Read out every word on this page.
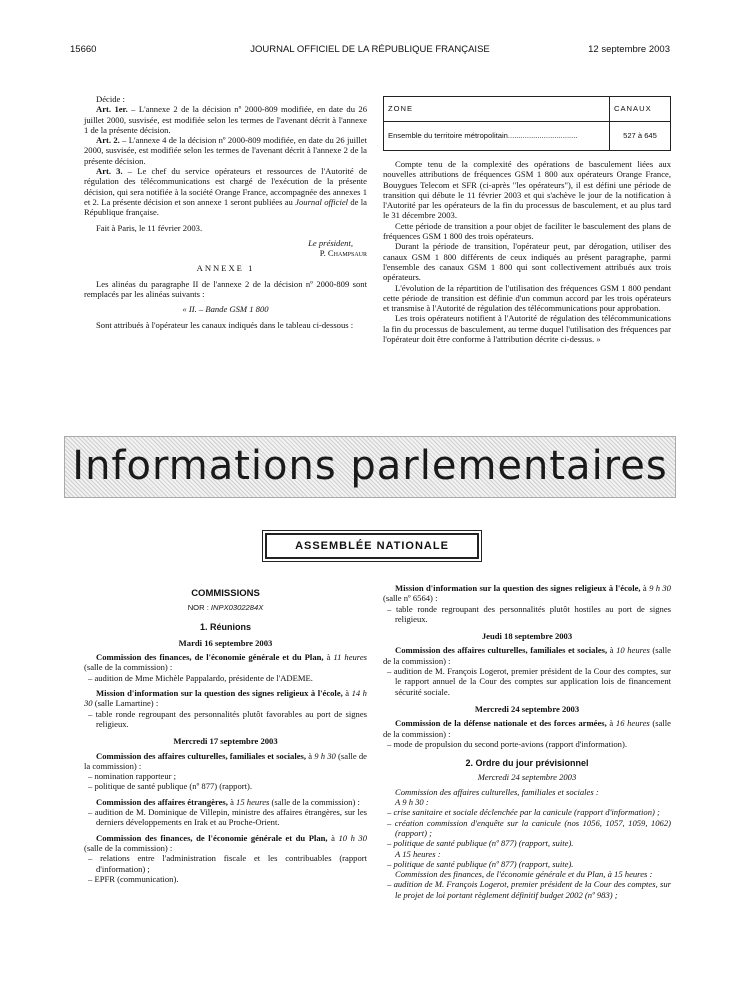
15660	JOURNAL OFFICIEL DE LA RÉPUBLIQUE FRANÇAISE	12 septembre 2003

Décide :

Art. 1er. – L'annexe 2 de la décision nº 2000-809 modifiée, en date du 26 juillet 2000, susvisée, est modifiée selon les termes de l'avenant décrit à l'annexe 1 de la présente décision.

Art. 2. – L'annexe 4 de la décision nº 2000-809 modifiée, en date du 26 juillet 2000, susvisée, est modifiée selon les termes de l'avenant décrit à l'annexe 2 de la présente décision.

Art. 3. – Le chef du service opérateurs et ressources de l'Autorité de régulation des télécommunications est chargé de l'exécution de la présente décision, qui sera notifiée à la société Orange France, accompagnée des annexes 1 et 2. La présente décision et son annexe 1 seront publiées au Journal officiel de la République française.

Fait à Paris, le 11 février 2003.

Le président,

P. Champsaur

ANNEXE 1

Les alinéas du paragraphe II de l'annexe 2 de la décision nº 2000-809 sont remplacés par les alinéas suivants :

« II. – Bande GSM 1 800

Sont attribués à l'opérateur les canaux indiqués dans le tableau ci-dessous :

ZONE	CANAUX
Ensemble du territoire métropolitain.................................	527 à 645

Compte tenu de la complexité des opérations de basculement liées aux nouvelles attributions de fréquences GSM 1 800 aux opérateurs Orange France, Bouygues Telecom et SFR (ci-après "les opérateurs"), il est défini une période de transition qui débute le 11 février 2003 et qui s'achève le jour de la notification à l'Autorité par les opérateurs de la fin du processus de basculement, et au plus tard le 31 décembre 2003.

Cette période de transition a pour objet de faciliter le basculement des plans de fréquences GSM 1 800 des trois opérateurs.

Durant la période de transition, l'opérateur peut, par dérogation, utiliser des canaux GSM 1 800 différents de ceux indiqués au présent paragraphe, parmi l'ensemble des canaux GSM 1 800 qui sont collectivement attribués aux trois opérateurs.

L'évolution de la répartition de l'utilisation des fréquences GSM 1 800 pendant cette période de transition est définie d'un commun accord par les trois opérateurs et transmise à l'Autorité de régulation des télécommunications pour approbation.

Les trois opérateurs notifient à l'Autorité de régulation des télécommunications la fin du processus de basculement, au terme duquel l'utilisation des fréquences par l'opérateur doit être conforme à l'attribution décrite ci-dessus. »

Informations parlementaires
ASSEMBLÉE NATIONALE
COMMISSIONS

NOR : INPX0302284X

1. Réunions

Mardi 16 septembre 2003

Commission des finances, de l'économie générale et du Plan, à 11 heures (salle de la commission) :

– audition de Mme Michèle Pappalardo, présidente de l'ADEME.

Mission d'information sur la question des signes religieux à l'école, à 14 h 30 (salle Lamartine) :

– table ronde regroupant des personnalités plutôt favorables au port de signes religieux.

Mercredi 17 septembre 2003

Commission des affaires culturelles, familiales et sociales, à 9 h 30 (salle de la commission) :

– nomination rapporteur ;

– politique de santé publique (nº 877) (rapport).

Commission des affaires étrangères, à 15 heures (salle de la commission) :

– audition de M. Dominique de Villepin, ministre des affaires étrangères, sur les derniers développements en Irak et au Proche-Orient.

Commission des finances, de l'économie générale et du Plan, à 10 h 30 (salle de la commission) :

– relations entre l'administration fiscale et les contribuables (rapport d'information) ;

– EPFR (communication).

Mission d'information sur la question des signes religieux à l'école, à 9 h 30 (salle nº 6564) :

– table ronde regroupant des personnalités plutôt hostiles au port de signes religieux.

Jeudi 18 septembre 2003

Commission des affaires culturelles, familiales et sociales, à 10 heures (salle de la commission) :

– audition de M. François Logerot, premier président de la Cour des comptes, sur le rapport annuel de la Cour des comptes sur application lois de financement sécurité sociale.

Mercredi 24 septembre 2003

Commission de la défense nationale et des forces armées, à 16 heures (salle de la commission) :

– mode de propulsion du second porte-avions (rapport d'information).

2. Ordre du jour prévisionnel

Mercredi 24 septembre 2003

Commission des affaires culturelles, familiales et sociales :

A 9 h 30 :

– crise sanitaire et sociale déclenchée par la canicule (rapport d'information) ;

– création commission d'enquête sur la canicule (nos 1056, 1057, 1059, 1062) (rapport) ;

– politique de santé publique (nº 877) (rapport, suite).

A 15 heures :

– politique de santé publique (nº 877) (rapport, suite).

Commission des finances, de l'économie générale et du Plan, à 15 heures :

– audition de M. François Logerot, premier président de la Cour des comptes, sur le projet de loi portant règlement définitif budget 2002 (nº 983) ;
